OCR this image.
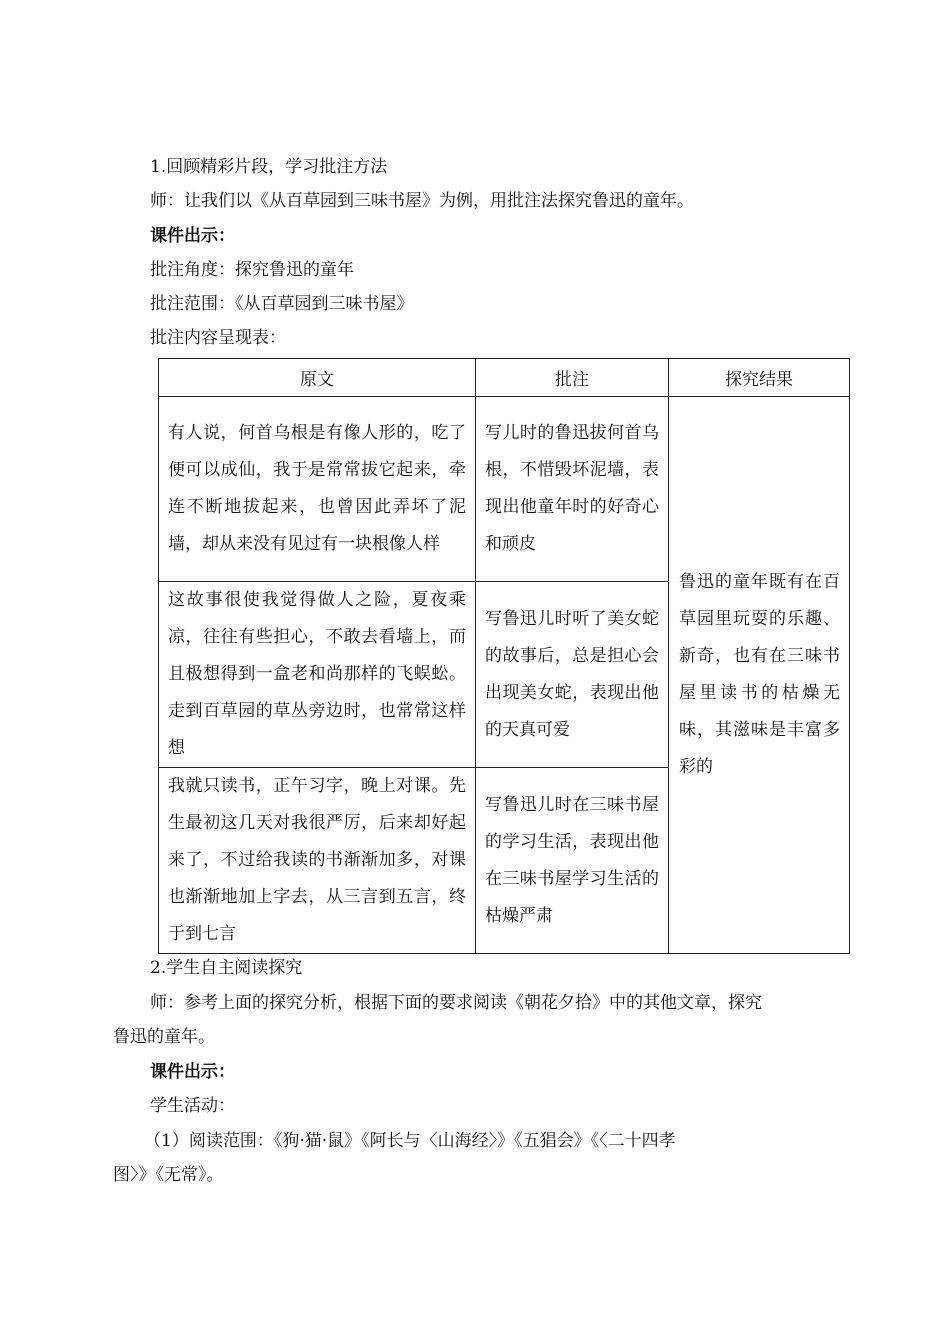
1.回顾精彩片段，学习批注方法
师：让我们以《从百草园到三味书屋》为例，用批注法探究鲁迅的童年。
课件出示：
批注角度：探究鲁迅的童年
批注范围：《从百草园到三味书屋》
批注内容呈现表：
原文	批注	探究结果

有人说，何首乌根是有像人形的，吃了便可以成仙，我于是常常拔它起来，牵连不断地拔起来，也曾因此弄坏了泥墙，却从来没有见过有一块根像人样	写儿时的鲁迅拔何首乌根，不惜毁坏泥墙，表现出他童年时的好奇心和顽皮	鲁迅的童年既有在百草园里玩耍的乐趣、新奇，也有在三味书屋里读书的枯燥无味，其滋味是丰富多彩的

这故事很使我觉得做人之险，夏夜乘凉，往往有些担心，不敢去看墙上，而且极想得到一盒老和尚那样的飞蜈蚣。走到百草园的草丛旁边时，也常常这样想	写鲁迅儿时听了美女蛇的故事后，总是担心会出现美女蛇，表现出他的天真可爱	

我就只读书，正午习字，晚上对课。先生最初这几天对我很严厉，后来却好起来了，不过给我读的书渐渐加多，对课也渐渐地加上字去，从三言到五言，终于到七言	写鲁迅儿时在三味书屋的学习生活，表现出他在三味书屋学习生活的枯燥严肃	
2.学生自主阅读探究
师：参考上面的探究分析，根据下面的要求阅读《朝花夕拾》中的其他文章，探究
鲁迅的童年。
课件出示：
学生活动：
（1）阅读范围：《狗·猫·鼠》《阿长与〈山海经〉》《五猖会》《〈二十四孝
图〉》《无常》。
